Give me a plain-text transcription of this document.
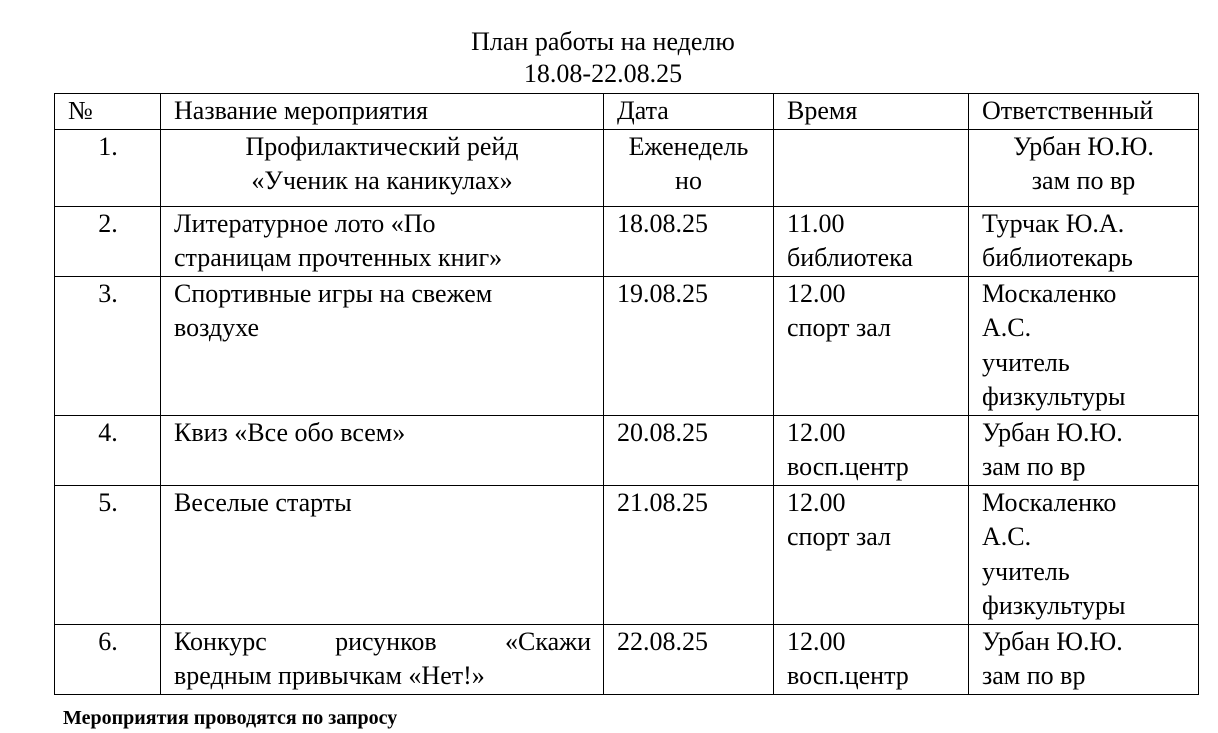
План работы на неделю
18.08-22.08.25
№	Название мероприятия	Дата	Время	Ответственный
1.	Профилактический рейд
«Ученик на каникулах»	Еженедель
но		Урбан Ю.Ю.
зам по вр

2.	Литературное лото «По
страницам прочтенных книг»	18.08.25	11.00
библиотека	Турчак Ю.А.
библиотекарь

3.	Спортивные игры на свежем
воздухе	19.08.25	12.00
спорт зал	Москаленко
А.С.
учитель
физкультуры

4.	Квиз «Все обо всем»	20.08.25	12.00
восп.центр	Урбан Ю.Ю.
зам по вр

5.	Веселые старты	21.08.25	12.00
спорт зал	Москаленко
А.С.
учитель
физкультуры

6.	Конкурс рисунков «Скажи
вредным привычкам «Нет!»	22.08.25	12.00
восп.центр	Урбан Ю.Ю.
зам по вр
Мероприятия проводятся по запросу
